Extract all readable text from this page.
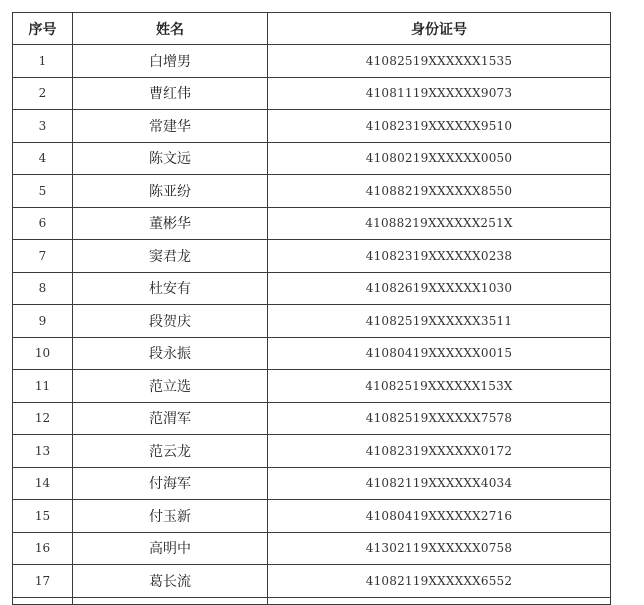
序号	姓名	身份证号
1	白增男	41082519XXXXXX1535
2	曹红伟	41081119XXXXXX9073
3	常建华	41082319XXXXXX9510
4	陈文远	41080219XXXXXX0050
5	陈亚纷	41088219XXXXXX8550
6	董彬华	41088219XXXXXX251X
7	窦君龙	41082319XXXXXX0238
8	杜安有	41082619XXXXXX1030
9	段贺庆	41082519XXXXXX3511
10	段永振	41080419XXXXXX0015
11	范立选	41082519XXXXXX153X
12	范渭军	41082519XXXXXX7578
13	范云龙	41082319XXXXXX0172
14	付海军	41082119XXXXXX4034
15	付玉新	41080419XXXXXX2716
16	高明中	41302119XXXXXX0758
17	葛长流	41082119XXXXXX6552
